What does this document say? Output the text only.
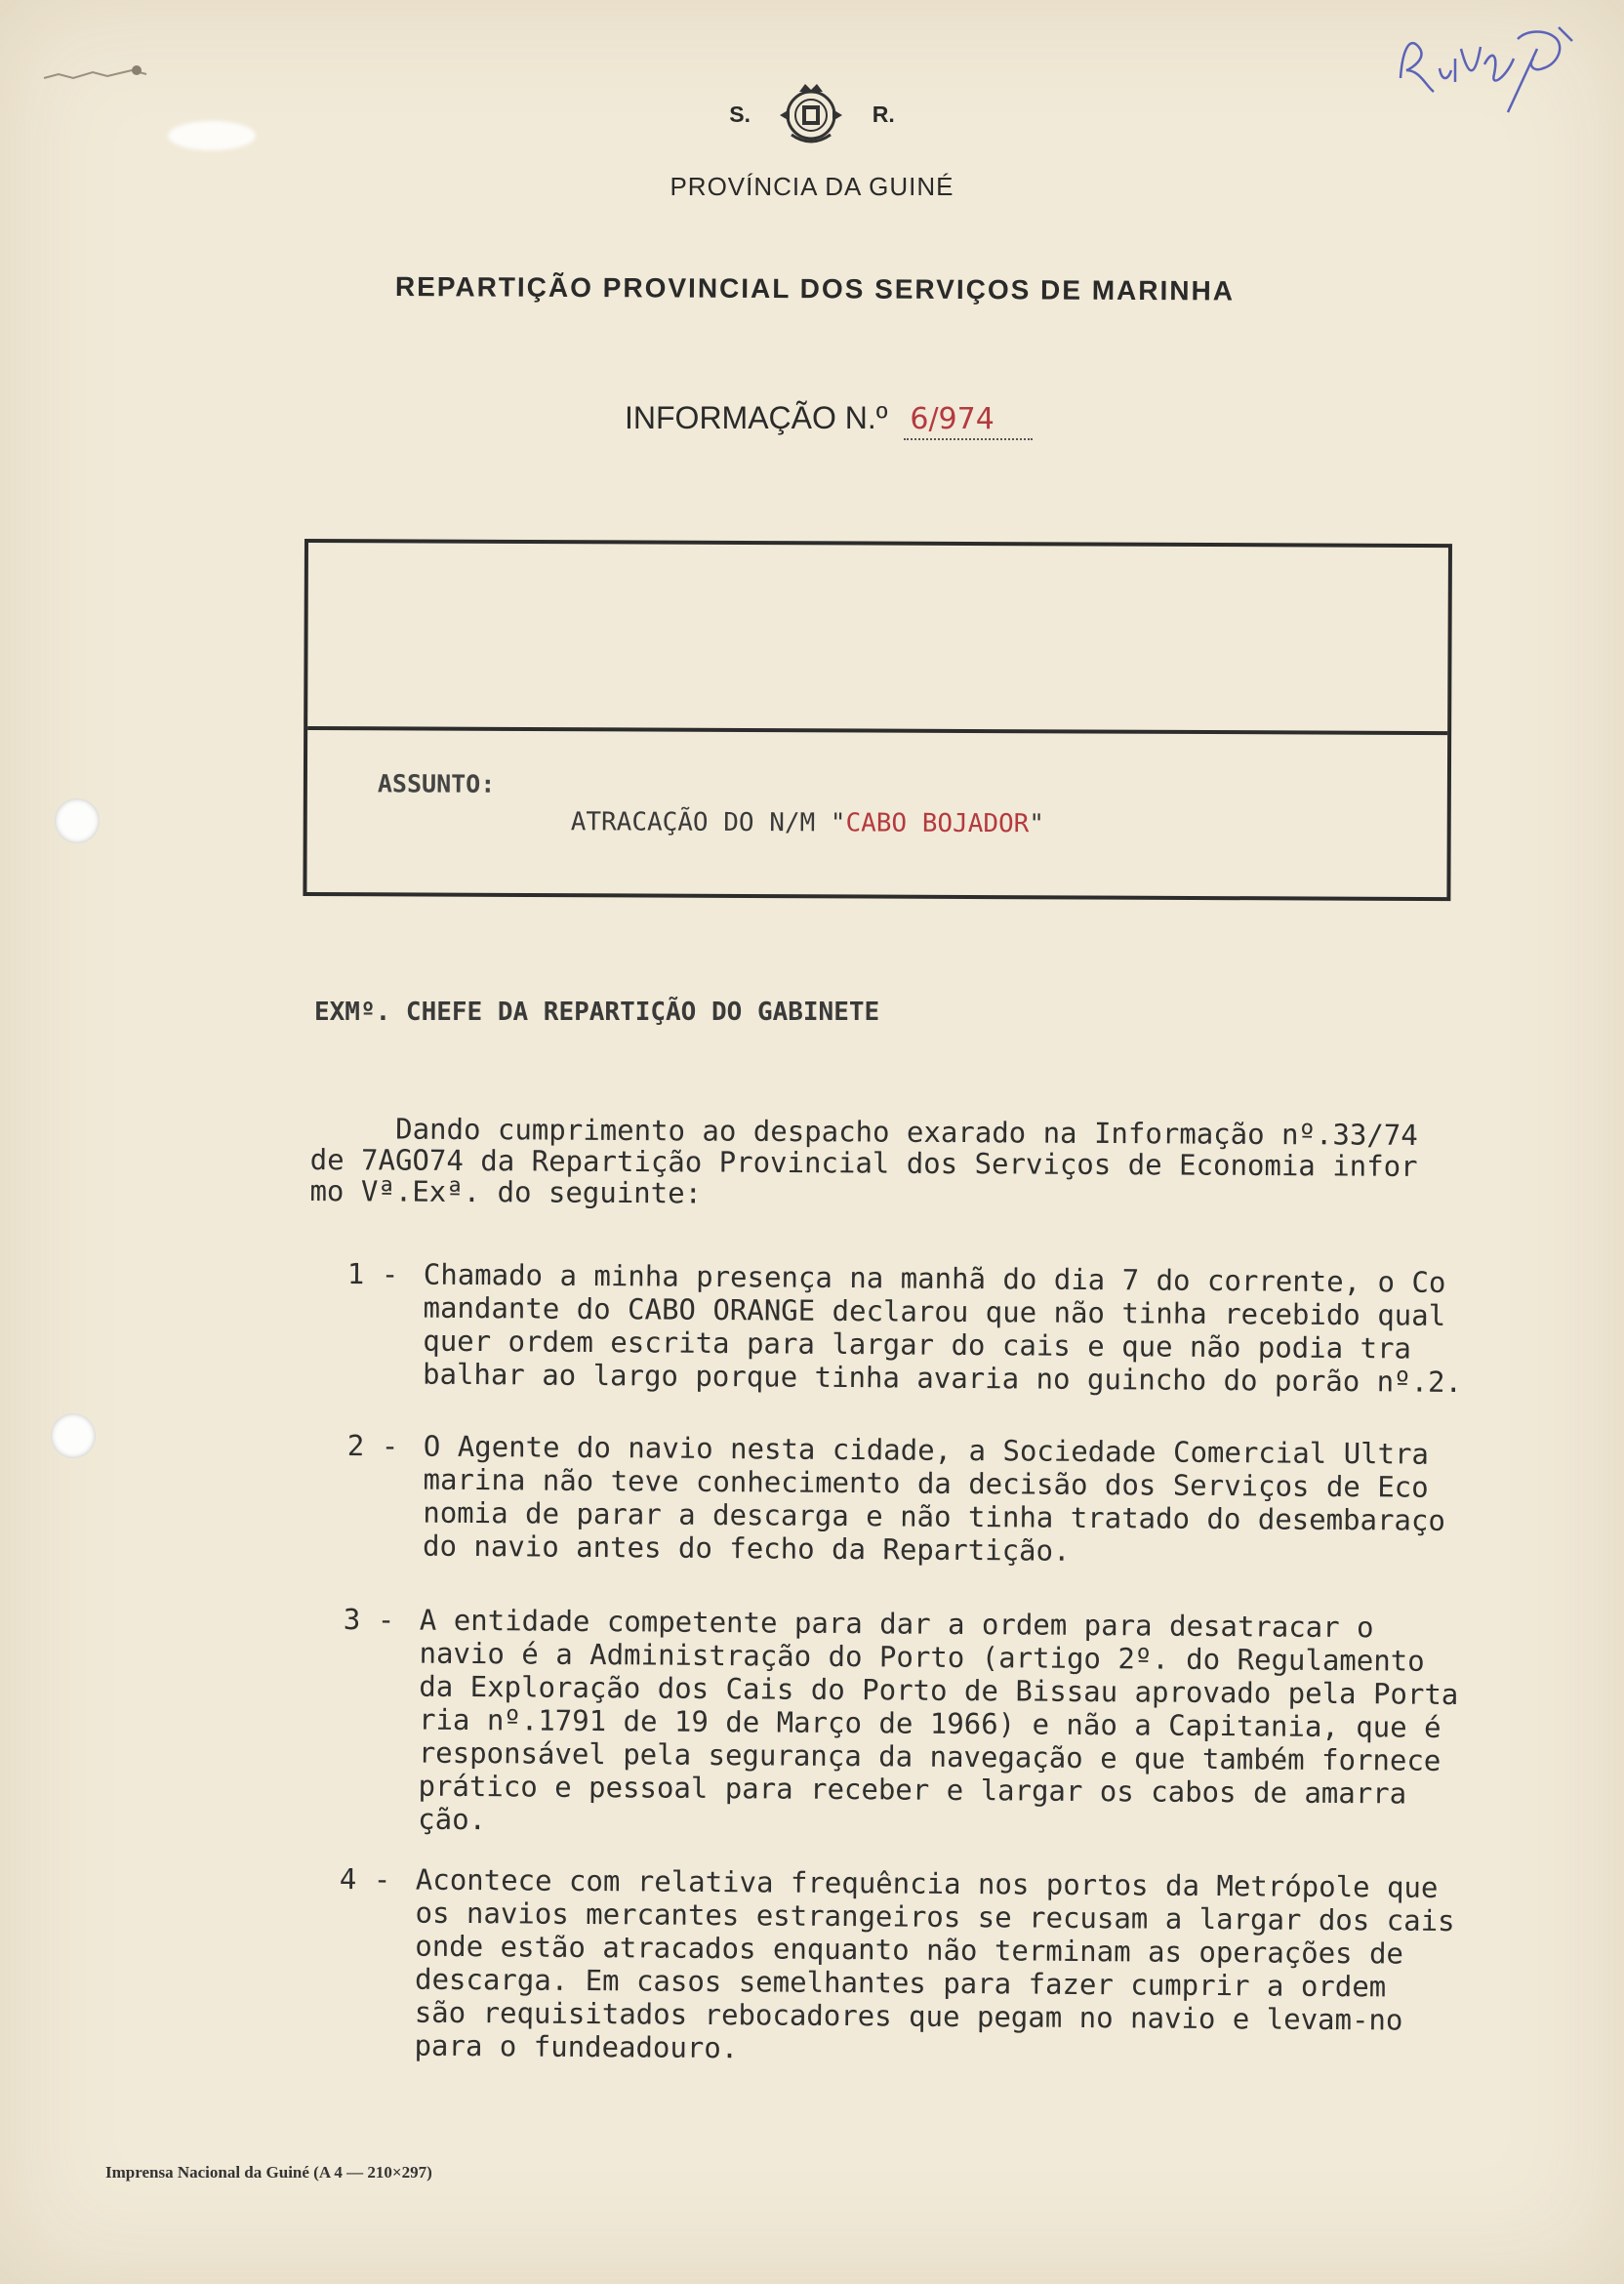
S.	R.
PROVÍNCIA DA GUINÉ
REPARTIÇÃO PROVINCIAL DOS SERVIÇOS DE MARINHA
INFORMAÇÃO N.º 6/974
ASSUNTO:
ATRACAÇÃO DO N/M "CABO BOJADOR"
EXMº. CHEFE DA REPARTIÇÃO DO GABINETE
Dando cumprimento ao despacho exarado na Informação nº.33/74
de 7AGO74 da Repartição Provincial dos Serviços de Economia infor
mo Vª.Exª. do seguinte:
1 - Chamado a minha presença na manhã do dia 7 do corrente, o Co
mandante do CABO ORANGE declarou que não tinha recebido qual
quer ordem escrita para largar do cais e que não podia tra
balhar ao largo porque tinha avaria no guincho do porão nº.2.
2 - O Agente do navio nesta cidade, a Sociedade Comercial Ultra
marina não teve conhecimento da decisão dos Serviços de Eco
nomia de parar a descarga e não tinha tratado do desembaraço
do navio antes do fecho da Repartição.
3 - A entidade competente para dar a ordem para desatracar o
navio é a Administração do Porto (artigo 2º. do Regulamento
da Exploração dos Cais do Porto de Bissau aprovado pela Porta
ria nº.1791 de 19 de Março de 1966) e não a Capitania, que é
responsável pela segurança da navegação e que também fornece
prático e pessoal para receber e largar os cabos de amarra
ção.
4 - Acontece com relativa frequência nos portos da Metrópole que
os navios mercantes estrangeiros se recusam a largar dos cais
onde estão atracados enquanto não terminam as operações de
descarga. Em casos semelhantes para fazer cumprir a ordem
são requisitados rebocadores que pegam no navio e levam-no
para o fundeadouro.
Imprensa Nacional da Guiné (A 4 — 210×297)
